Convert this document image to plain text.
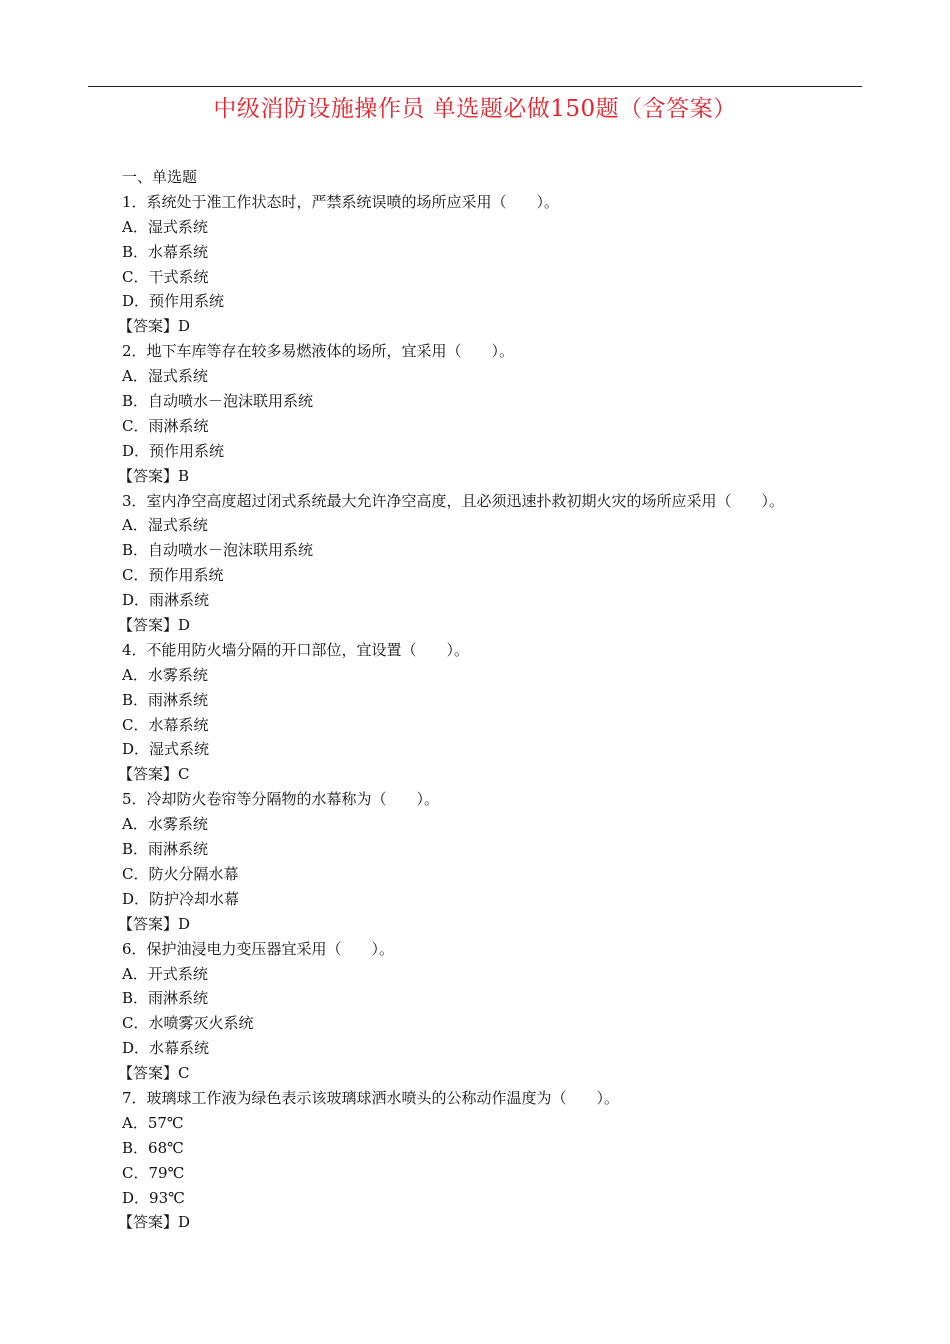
中级消防设施操作员 单选题必做150题（含答案）
一、单选题
1．系统处于准工作状态时，严禁系统误喷的场所应采用（　　）。
A．湿式系统
B．水幕系统
C．干式系统
D．预作用系统
【答案】D
2．地下车库等存在较多易燃液体的场所，宜采用（　　）。
A．湿式系统
B．自动喷水－泡沫联用系统
C．雨淋系统
D．预作用系统
【答案】B
3．室内净空高度超过闭式系统最大允许净空高度，且必须迅速扑救初期火灾的场所应采用（　　）。
A．湿式系统
B．自动喷水－泡沫联用系统
C．预作用系统
D．雨淋系统
【答案】D
4．不能用防火墙分隔的开口部位，宜设置（　　）。
A．水雾系统
B．雨淋系统
C．水幕系统
D．湿式系统
【答案】C
5．冷却防火卷帘等分隔物的水幕称为（　　）。
A．水雾系统
B．雨淋系统
C．防火分隔水幕
D．防护冷却水幕
【答案】D
6．保护油浸电力变压器宜采用（　　）。
A．开式系统
B．雨淋系统
C．水喷雾灭火系统
D．水幕系统
【答案】C
7．玻璃球工作液为绿色表示该玻璃球洒水喷头的公称动作温度为（　　）。
A．57℃
B．68℃
C．79℃
D．93℃
【答案】D
